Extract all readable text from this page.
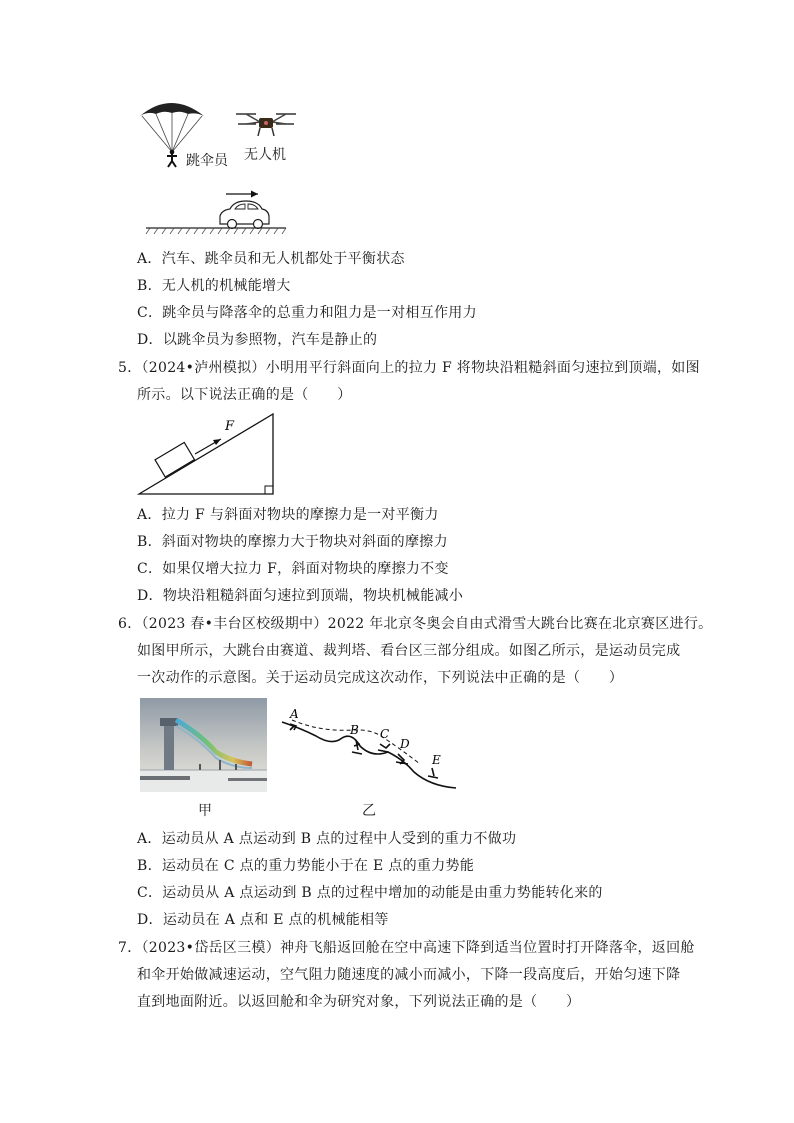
跳伞员 无人机
A．汽车、跳伞员和无人机都处于平衡状态
B．无人机的机械能增大
C．跳伞员与降落伞的总重力和阻力是一对相互作用力
D．以跳伞员为参照物，汽车是静止的
5．（2024•泸州模拟）小明用平行斜面向上的拉力 F 将物块沿粗糙斜面匀速拉到顶端，如图
所示。以下说法正确的是（　　）
F
A．拉力 F 与斜面对物块的摩擦力是一对平衡力
B．斜面对物块的摩擦力大于物块对斜面的摩擦力
C．如果仅增大拉力 F，斜面对物块的摩擦力不变
D．物块沿粗糙斜面匀速拉到顶端，物块机械能减小
6．（2023 春•丰台区校级期中）2022 年北京冬奥会自由式滑雪大跳台比赛在北京赛区进行。
如图甲所示，大跳台由赛道、裁判塔、看台区三部分组成。如图乙所示，是运动员完成
一次动作的示意图。关于运动员完成这次动作，下列说法中正确的是（　　）
甲
A
B C
D
E
乙
A．运动员从 A 点运动到 B 点的过程中人受到的重力不做功
B．运动员在 C 点的重力势能小于在 E 点的重力势能
C．运动员从 A 点运动到 B 点的过程中增加的动能是由重力势能转化来的
D．运动员在 A 点和 E 点的机械能相等
7．（2023•岱岳区三模）神舟飞船返回舱在空中高速下降到适当位置时打开降落伞，返回舱
和伞开始做减速运动，空气阻力随速度的减小而减小，下降一段高度后，开始匀速下降
直到地面附近。以返回舱和伞为研究对象，下列说法正确的是（　　）
